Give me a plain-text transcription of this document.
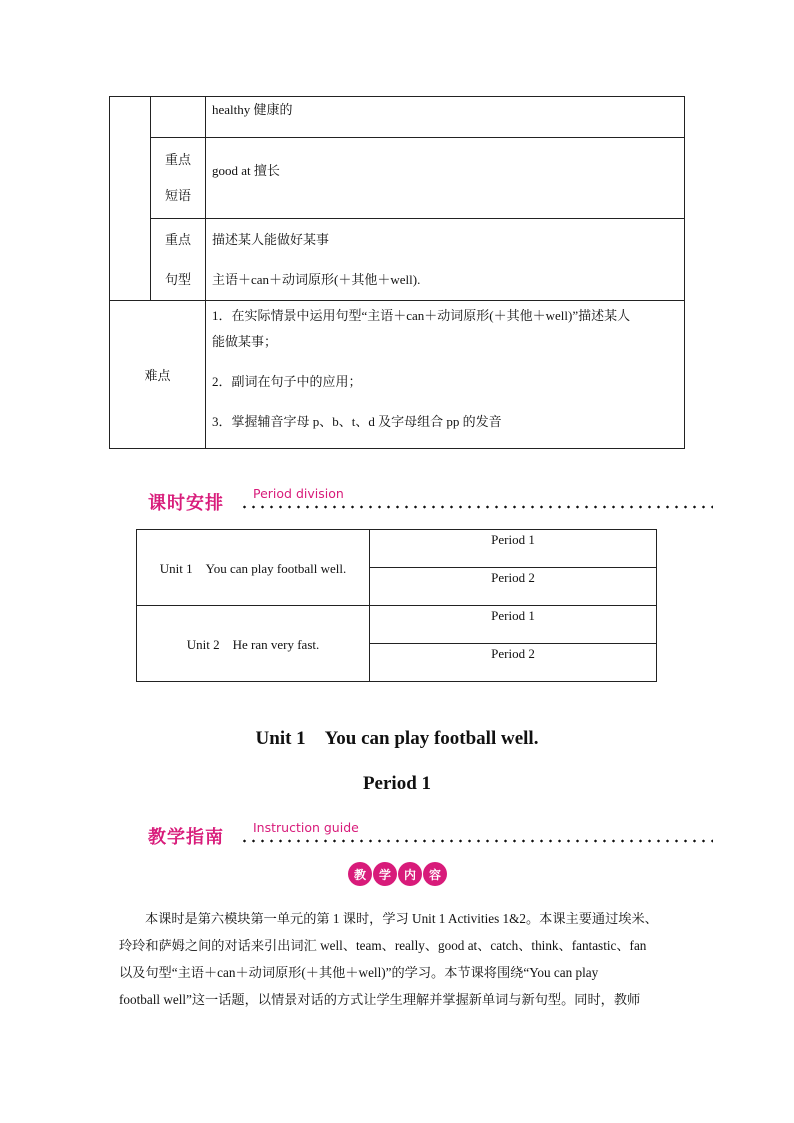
		healthy 健康的

	重点
短语	good at 擅长

	重点
句型	描述某人能做好某事
主语＋can＋动词原形(＋其他＋well).

难点		1．在实际情景中运用句型“主语＋can＋动词原形(＋其他＋well)”描述某人
能做某事；
2．副词在句子中的应用；
3．掌握辅音字母 p、b、t、d 及字母组合 pp 的发音
课时安排 Period division
Unit 1　You can play football well.	Period 1
	Period 2
Unit 2　He ran very fast.	Period 1
	Period 2
Unit 1　You can play football well.
Period 1
教学指南 Instruction guide
教	学	内	容
本课时是第六模块第一单元的第 1 课时，学习 Unit 1 Activities 1&2。本课主要通过埃米、
玲玲和萨姆之间的对话来引出词汇 well、team、really、good at、catch、think、fantastic、fan
以及句型“主语＋can＋动词原形(＋其他＋well)”的学习。本节课将围绕“You can play
football well”这一话题，以情景对话的方式让学生理解并掌握新单词与新句型。同时，教师
